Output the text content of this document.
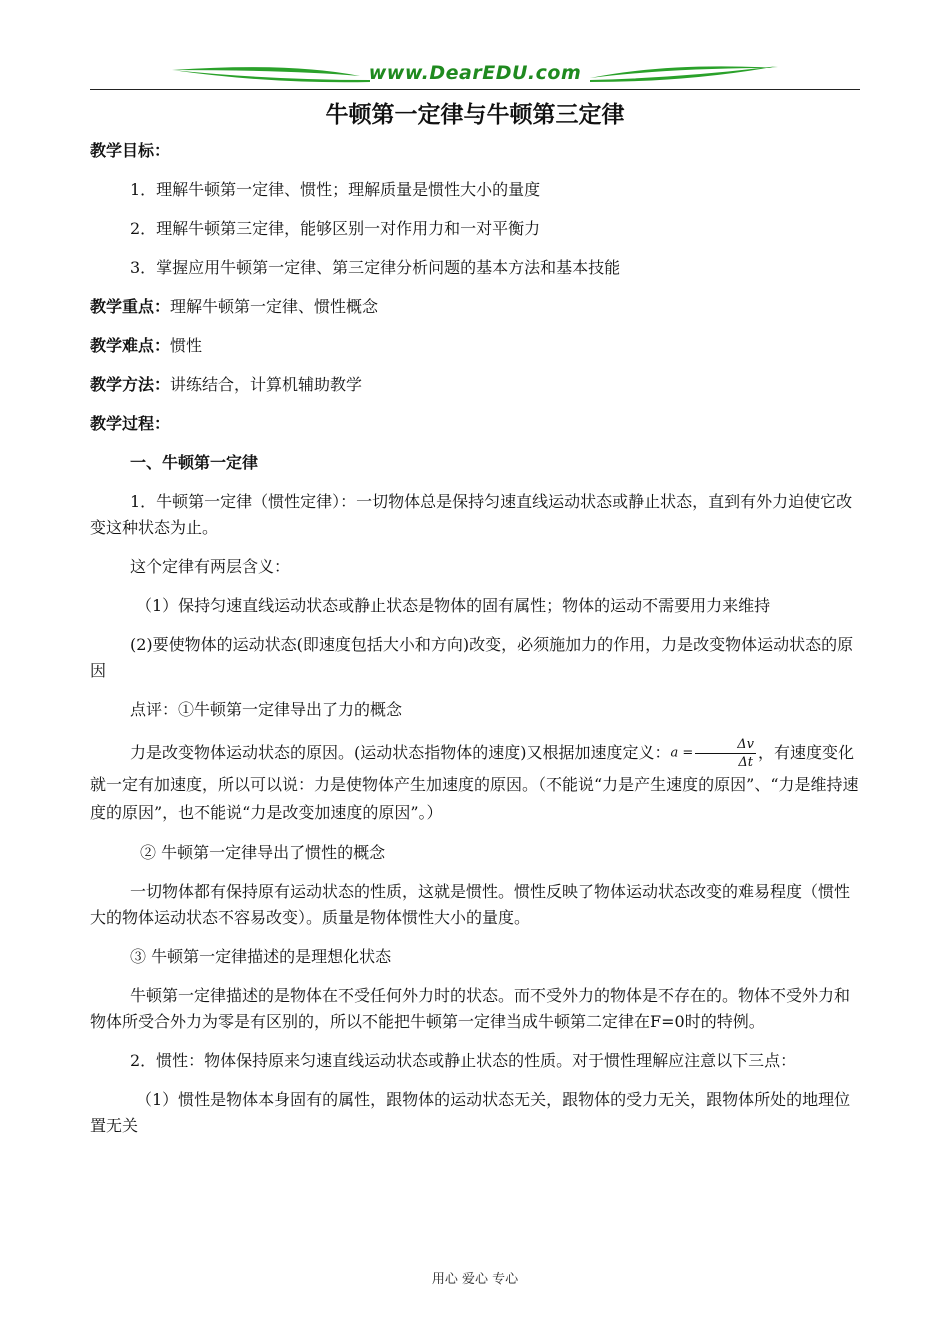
www.DearEDU.com
牛顿第一定律与牛顿第三定律

教学目标：

1．理解牛顿第一定律、惯性；理解质量是惯性大小的量度

2．理解牛顿第三定律，能够区别一对作用力和一对平衡力

3．掌握应用牛顿第一定律、第三定律分析问题的基本方法和基本技能

教学重点：理解牛顿第一定律、惯性概念

教学难点：惯性

教学方法：讲练结合，计算机辅助教学

教学过程：

一、牛顿第一定律

1．牛顿第一定律（惯性定律）：一切物体总是保持匀速直线运动状态或静止状态，直到有外力迫使它改变这种状态为止。

这个定律有两层含义：

（1）保持匀速直线运动状态或静止状态是物体的固有属性；物体的运动不需要用力来维持

(2)要使物体的运动状态(即速度包括大小和方向)改变，必须施加力的作用，力是改变物体运动状态的原因

点评：①牛顿第一定律导出了力的概念

力是改变物体运动状态的原因。(运动状态指物体的速度)又根据加速度定义：$a = \frac{\Delta v}{\Delta t}$ ，有速度变化就一定有加速度，所以可以说：力是使物体产生加速度的原因。（不能说“力是产生速度的原因”、“力是维持速度的原因”，也不能说“力是改变加速度的原因”。）

② 牛顿第一定律导出了惯性的概念

一切物体都有保持原有运动状态的性质，这就是惯性。惯性反映了物体运动状态改变的难易程度（惯性大的物体运动状态不容易改变）。质量是物体惯性大小的量度。

③ 牛顿第一定律描述的是理想化状态

牛顿第一定律描述的是物体在不受任何外力时的状态。而不受外力的物体是不存在的。物体不受外力和物体所受合外力为零是有区别的，所以不能把牛顿第一定律当成牛顿第二定律在F=0时的特例。

2．惯性：物体保持原来匀速直线运动状态或静止状态的性质。对于惯性理解应注意以下三点：

（1）惯性是物体本身固有的属性，跟物体的运动状态无关，跟物体的受力无关，跟物体所处的地理位置无关

用心 爱心 专心
